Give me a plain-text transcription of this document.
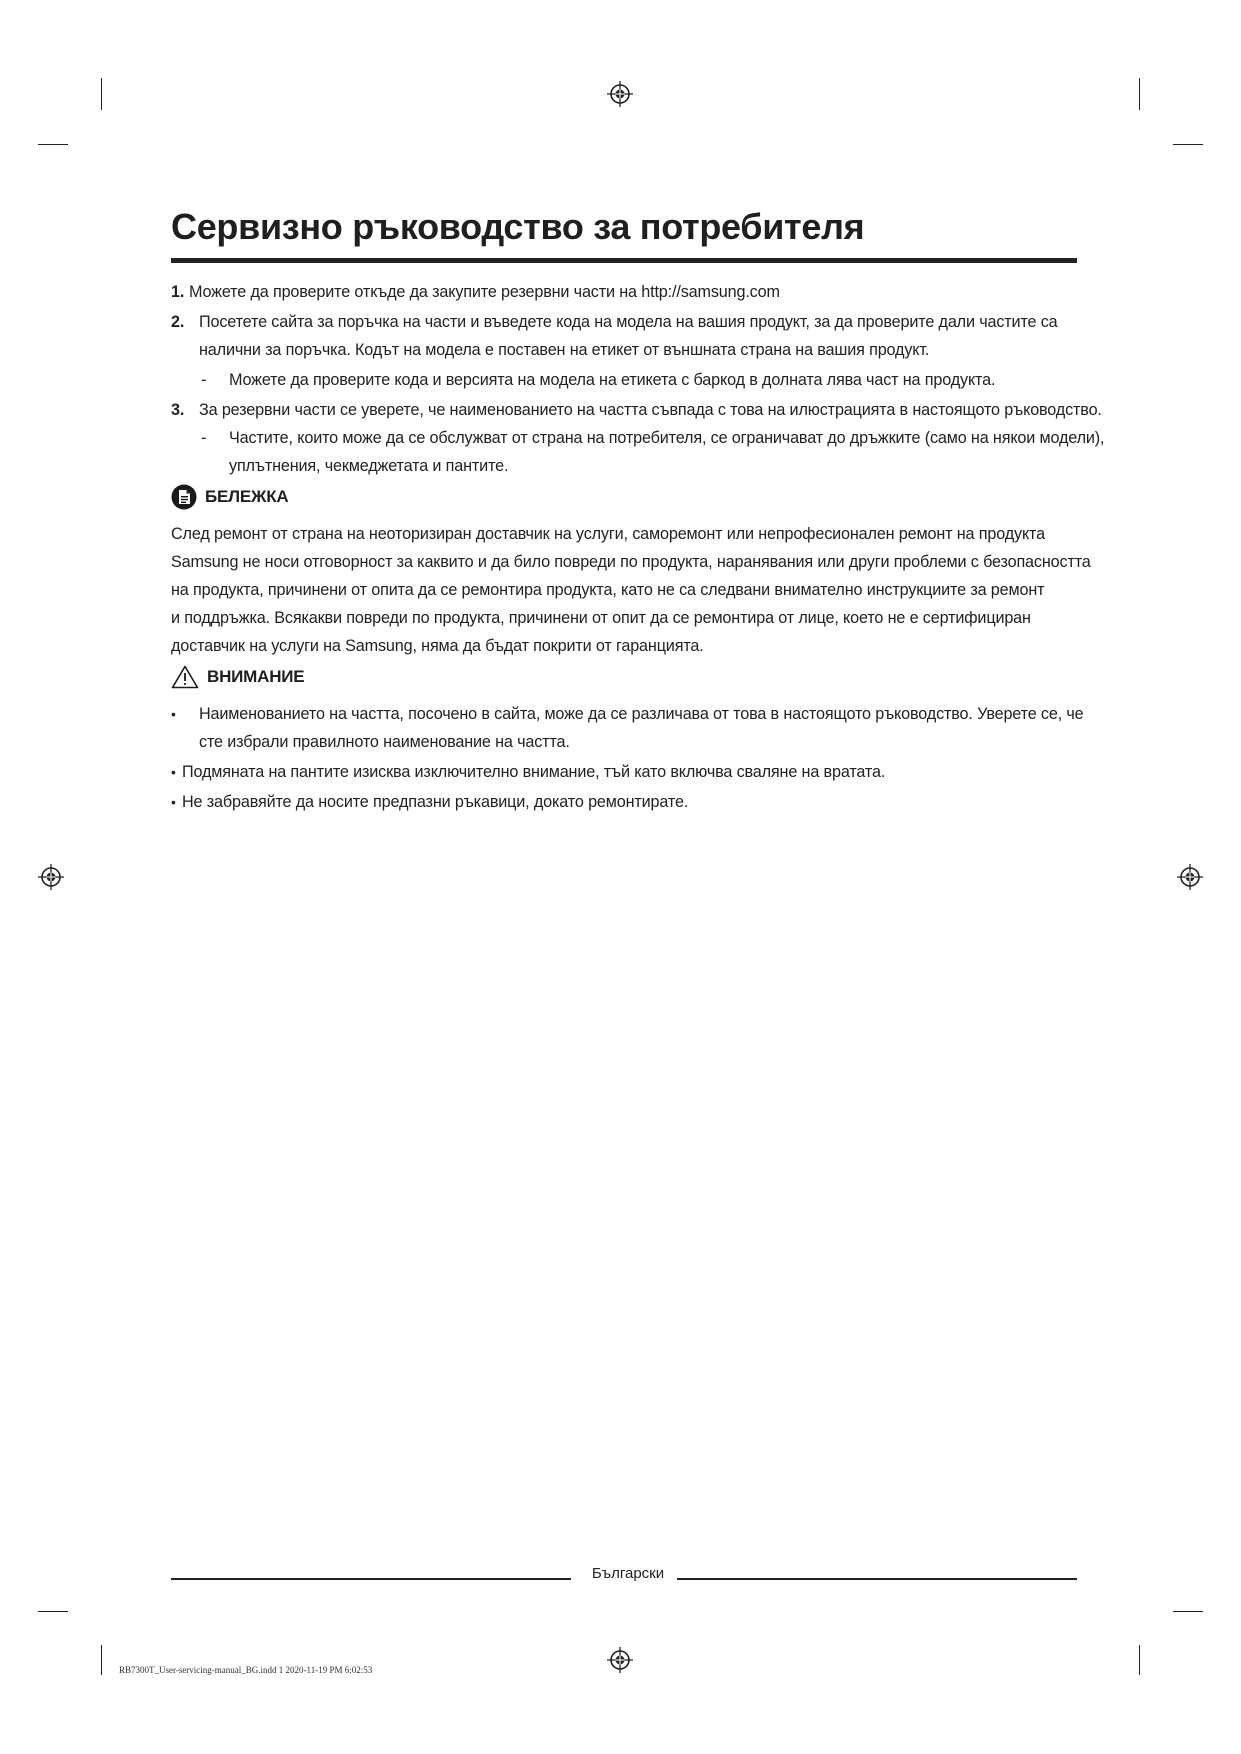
Сервизно ръководство за потребителя
1. Можете да проверите откъде да закупите резервни части на http://samsung.com
2. Посетете сайта за поръчка на части и въведете кода на модела на вашия продукт, за да проверите дали частите са
налични за поръчка. Кодът на модела е поставен на етикет от външната страна на вашия продукт.
- Можете да проверите кода и версията на модела на етикета с баркод в долната лява част на продукта.
3. За резервни части се уверете, че наименованието на частта съвпада с това на илюстрацията в настоящото ръководство.
- Частите, които може да се обслужват от страна на потребителя, се ограничават до дръжките (само на някои модели),
уплътнения, чекмеджетата и пантите.
БЕЛЕЖКА
След ремонт от страна на неоторизиран доставчик на услуги, саморемонт или непрофесионален ремонт на продукта
Samsung не носи отговорност за каквито и да било повреди по продукта, наранявания или други проблеми с безопасността
на продукта, причинени от опита да се ремонтира продукта, като не са следвани внимателно инструкциите за ремонт
и поддръжка. Всякакви повреди по продукта, причинени от опит да се ремонтира от лице, което не е сертифициран
доставчик на услуги на Samsung, няма да бъдат покрити от гаранцията.
ВНИМАНИЕ
• Наименованието на частта, посочено в сайта, може да се различава от това в настоящото ръководство. Уверете се, че
сте избрали правилното наименование на частта.
• Подмяната на пантите изисква изключително внимание, тъй като включва сваляне на вратата.
• Не забравяйте да носите предпазни ръкавици, докато ремонтирате.
Български
RB7300T_User-servicing-manual_BG.indd 1 2020-11-19 PM 6:02:53
